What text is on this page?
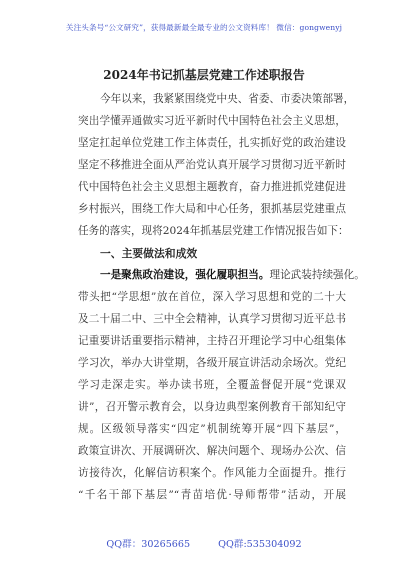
关注头条号“公文研究”，获得最新最全最专业的公文资料库！ 微信：gongwenyj
2024年书记抓基层党建工作述职报告
今年以来，我紧紧围绕党中央、省委、市委决策部署，
突出学懂弄通做实习近平新时代中国特色社会主义思想，
坚定扛起单位党建工作主体责任，扎实抓好党的政治建设
坚定不移推进全面从严治党认真开展学习贯彻习近平新时
代中国特色社会主义思想主题教育，奋力推进抓党建促进
乡村振兴，围绕工作大局和中心任务，狠抓基层党建重点
任务的落实，现将2024年抓基层党建工作情况报告如下：
一、主要做法和成效
一是聚焦政治建设，强化履职担当。理论武装持续强化。
带头把“学思想”放在首位，深入学习思想和党的二十大
及二十届二中、三中全会精神，认真学习贯彻习近平总书
记重要讲话重要指示精神，主持召开理论学习中心组集体
学习次，举办大讲堂期，各级开展宣讲活动余场次。党纪
学习走深走实。举办读书班，全覆盖督促开展“党课双
讲”，召开警示教育会，以身边典型案例教育干部知纪守
规。区级领导落实“四定”机制统筹开展“四下基层”，
政策宣讲次、开展调研次、解决问题个、现场办公次、信
访接待次，化解信访积案个。作风能力全面提升。推行
“千名干部下基层”“青苗培优·导师帮带”活动，开展
QQ群：30265665	QQ群:535304092
